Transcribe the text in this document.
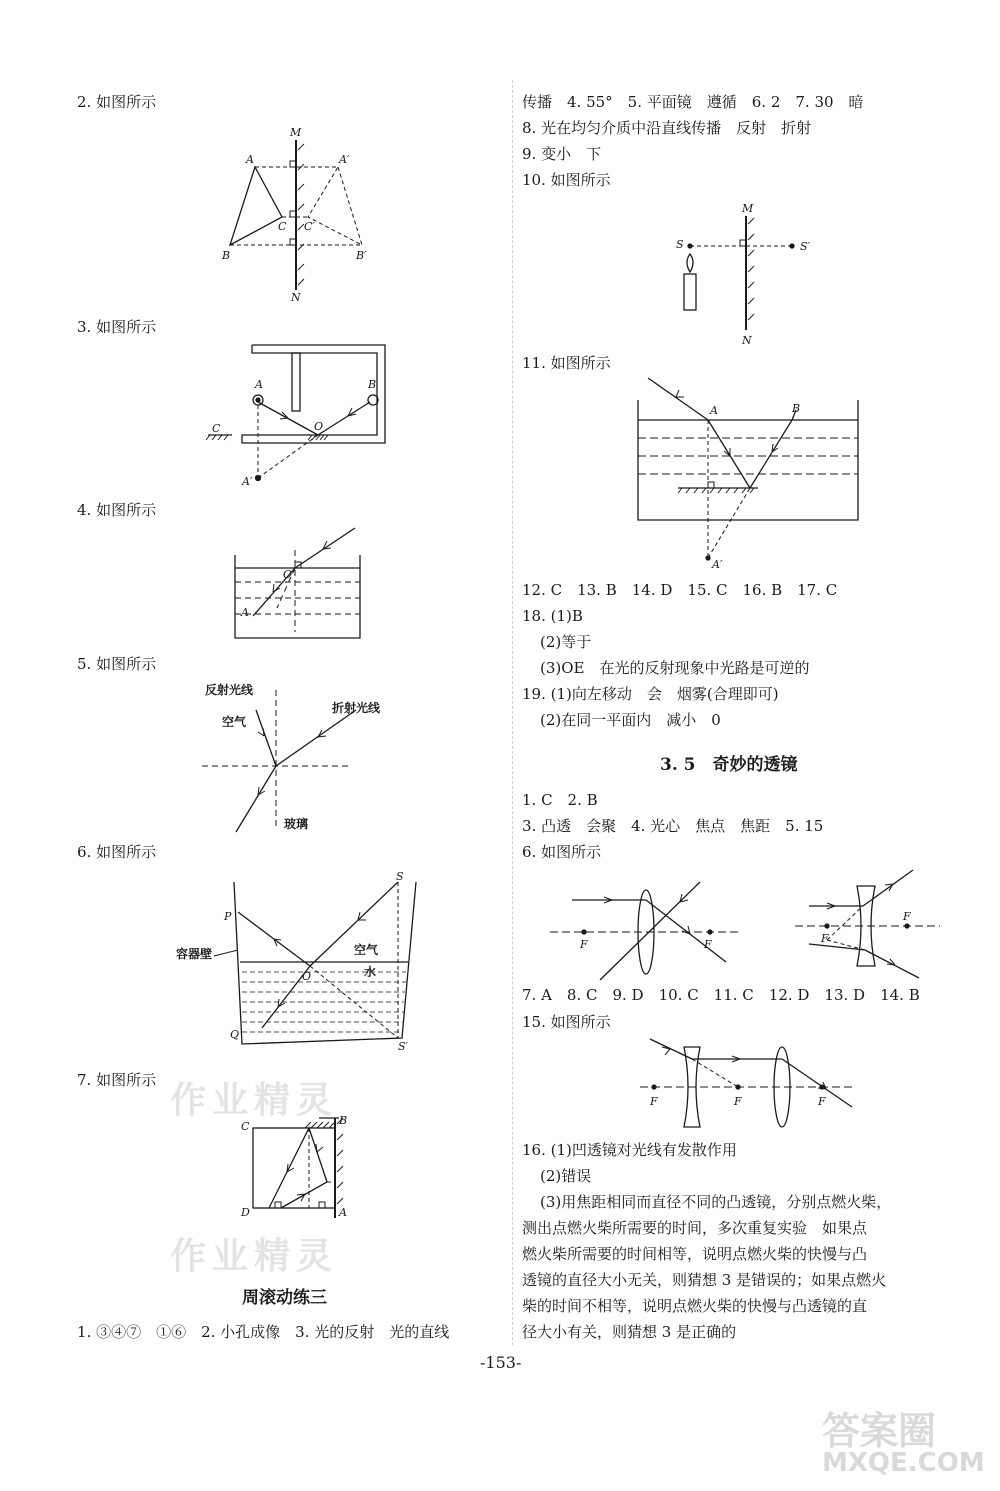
2. 如图所示
3. 如图所示
4. 如图所示
5. 如图所示
6. 如图所示
7. 如图所示
周滚动练三
1. ③④⑦　①⑥　2. 小孔成像　3. 光的反射　光的直线
传播　4. 55°　5. 平面镜　遵循　6. 2　7. 30　暗
8. 光在均匀介质中沿直线传播　反射　折射
9. 变小　下
10. 如图所示
11. 如图所示
12. C　13. B　14. D　15. C　16. B　17. C
18. (1)B
(2)等于
(3)OE　在光的反射现象中光路是可逆的
19. (1)向左移动　会　烟雾(合理即可)
(2)在同一平面内　减小　0
3. 5　奇妙的透镜
1. C　2. B
3. 凸透　会聚　4. 光心　焦点　焦距　5. 15
6. 如图所示
7. A　8. C　9. D　10. C　11. C　12. D　13. D　14. B
15. 如图所示
16. (1)凹透镜对光线有发散作用
(2)错误
(3)用焦距相同而直径不同的凸透镜，分别点燃火柴，
测出点燃火柴所需要的时间，多次重复实验　如果点
燃火柴所需要的时间相等，说明点燃火柴的快慢与凸
透镜的直径大小无关，则猜想 3 是错误的；如果点燃火
柴的时间不相等，说明点燃火柴的快慢与凸透镜的直
径大小有关，则猜想 3 是正确的
-153-
作业精灵
作业精灵
答案圈
MXQE.COM
M
N
A
B
C
A′
B′
C′
A	B
C	O
A′
O
A
反射光线
折射光线
空气
玻璃
S
P
O
Q
S′
容器壁	空气
水
B
C
D	A
M
N
S	S′
A	B
A′
F	F	F
F
F	F	F
